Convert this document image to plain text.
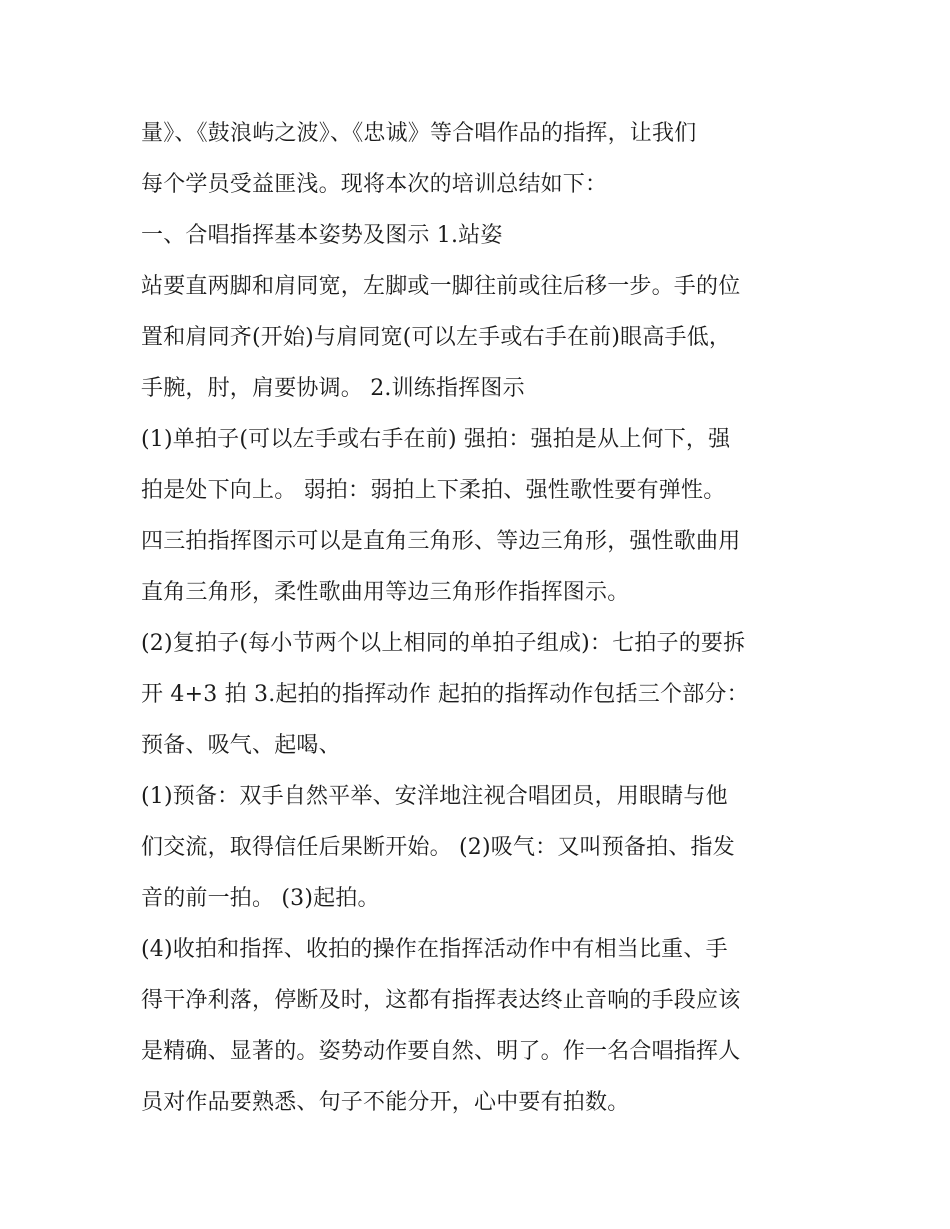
量》、《鼓浪屿之波》、《忠诚》等合唱作品的指挥，让我们
每个学员受益匪浅。现将本次的培训总结如下：
一、合唱指挥基本姿势及图示 1.站姿
站要直两脚和肩同宽，左脚或一脚往前或往后移一步。手的位
置和肩同齐(开始)与肩同宽(可以左手或右手在前)眼高手低，
手腕，肘，肩要协调。 2.训练指挥图示
(1)单拍子(可以左手或右手在前) 强拍：强拍是从上何下，强
拍是处下向上。 弱拍：弱拍上下柔拍、强性歌性要有弹性。
四三拍指挥图示可以是直角三角形、等边三角形，强性歌曲用
直角三角形，柔性歌曲用等边三角形作指挥图示。
(2)复拍子(每小节两个以上相同的单拍子组成)：七拍子的要拆
开 4+3 拍 3.起拍的指挥动作 起拍的指挥动作包括三个部分：
预备、吸气、起喝、
(1)预备：双手自然平举、安洋地注视合唱团员，用眼睛与他
们交流，取得信任后果断开始。 (2)吸气：又叫预备拍、指发
音的前一拍。 (3)起拍。
(4)收拍和指挥、收拍的操作在指挥活动作中有相当比重、手
得干净利落，停断及时，这都有指挥表达终止音响的手段应该
是精确、显著的。姿势动作要自然、明了。作一名合唱指挥人
员对作品要熟悉、句子不能分开，心中要有拍数。
